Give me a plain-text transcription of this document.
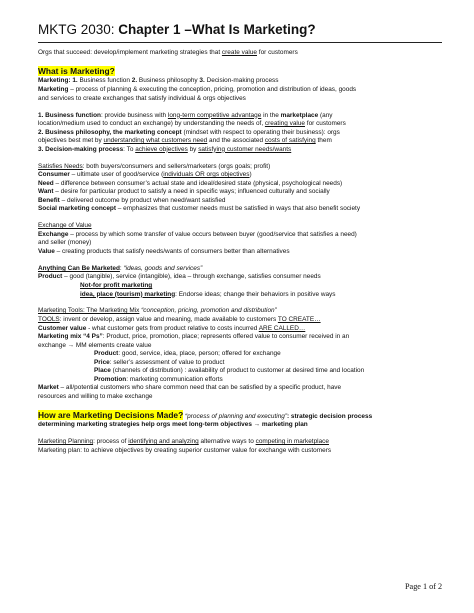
MKTG 2030: Chapter 1 –What Is Marketing?

Orgs that succeed: develop/implement marketing strategies that create value for customers

What is Marketing?

Marketing: 1. Business function 2. Business philosophy 3. Decision-making process

Marketing – process of planning & executing the conception, pricing, promotion and distribution of ideas, goods

and services to create exchanges that satisfy individual & orgs objectives

1. Business function: provide business with long-term competitive advantage in the marketplace (any

location/medium used to conduct an exchange) by understanding the needs of, creating value for customers

2. Business philosophy, the marketing concept (mindset with respect to operating their business): orgs

objectives best met by understanding what customers need and the associated costs of satisfying them

3. Decision-making process: To achieve objectives by satisfying customer needs/wants

Satisfies Needs: both buyers/consumers and sellers/marketers (orgs goals; profit)

Consumer – ultimate user of good/service (individuals OR orgs objectives)

Need – difference between consumer’s actual state and ideal/desired state (physical, psychological needs)

Want – desire for particular product to satisfy a need in specific ways; influenced culturally and socially

Benefit – delivered outcome by product when need/want satisfied

Social marketing concept – emphasizes that customer needs must be satisfied in ways that also benefit society

Exchange of Value

Exchange – process by which some transfer of value occurs between buyer (good/service that satisfies a need)

and seller (money)

Value – creating products that satisfy needs/wants of consumers better than alternatives

Anything Can Be Marketed: “ideas, goods and services”

Product – good (tangible), service (intangible), idea – through exchange, satisfies consumer needs

Not-for profit marketing

idea, place (tourism) marketing: Endorse ideas; change their behaviors in positive ways

Marketing Tools: The Marketing Mix “conception, pricing, promotion and distribution”

TOOLS: invent or develop, assign value and meaning, made available to customers TO CREATE…

Customer value - what customer gets from product relative to costs incurred ARE CALLED…

Marketing mix “4 Ps”: Product, price, promotion, place; represents offered value to consumer received in an

exchange → MM elements create value

Product: good, service, idea, place, person; offered for exchange

Price: seller’s assessment of value to product

Place (channels of distribution) : availability of product to customer at desired time and location

Promotion: marketing communication efforts

Market – all/potential customers who share common need that can be satisfied by a specific product, have

resources and willing to make exchange

How are Marketing Decisions Made? “process of planning and executing”: strategic decision process

determining marketing strategies help orgs meet long-term objectives → marketing plan

Marketing Planning: process of identifying and analyzing alternative ways to competing in marketplace

Marketing plan: to achieve objectives by creating superior customer value for exchange with customers

Page 1 of 2
